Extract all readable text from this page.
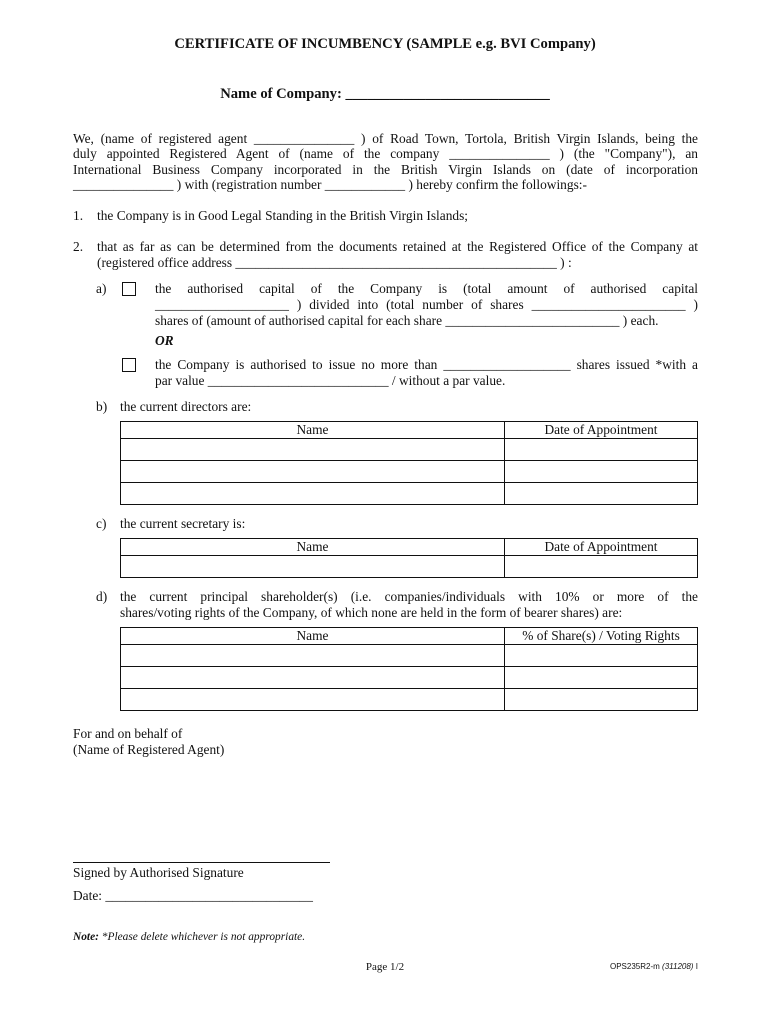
CERTIFICATE OF INCUMBENCY (SAMPLE e.g. BVI Company)
Name of Company: ____________________________
We, (name of registered agent _______________ ) of Road Town, Tortola, British Virgin Islands, being the
duly appointed Registered Agent of (name of the company _______________ ) (the "Company"), an
International Business Company incorporated in the British Virgin Islands on (date of incorporation
_______________ ) with (registration number ____________ ) hereby confirm the followings:-
1. the Company is in Good Legal Standing in the British Virgin Islands;
2. that as far as can be determined from the documents retained at the Registered Office of the Company at
(registered office address ________________________________________________ ) :
a)	the authorised capital of the Company is (total amount of authorised capital
____________________ ) divided into (total number of shares _______________________ )
shares of (amount of authorised capital for each share __________________________ ) each.
OR
the Company is authorised to issue no more than ___________________ shares issued *with a
par value ___________________________ / without a par value.
b) the current directors are:
Name	Date of Appointment

c) the current secretary is:
Name	Date of Appointment

d) the current principal shareholder(s) (i.e. companies/individuals with 10% or more of the
shares/voting rights of the Company, of which none are held in the form of bearer shares) are:
Name	% of Share(s) / Voting Rights

For and on behalf of
(Name of Registered Agent)
Signed by Authorised Signature
Date: _______________________________
Note: *Please delete whichever is not appropriate.
Page 1/2	OPS235R2-m (311208) I
